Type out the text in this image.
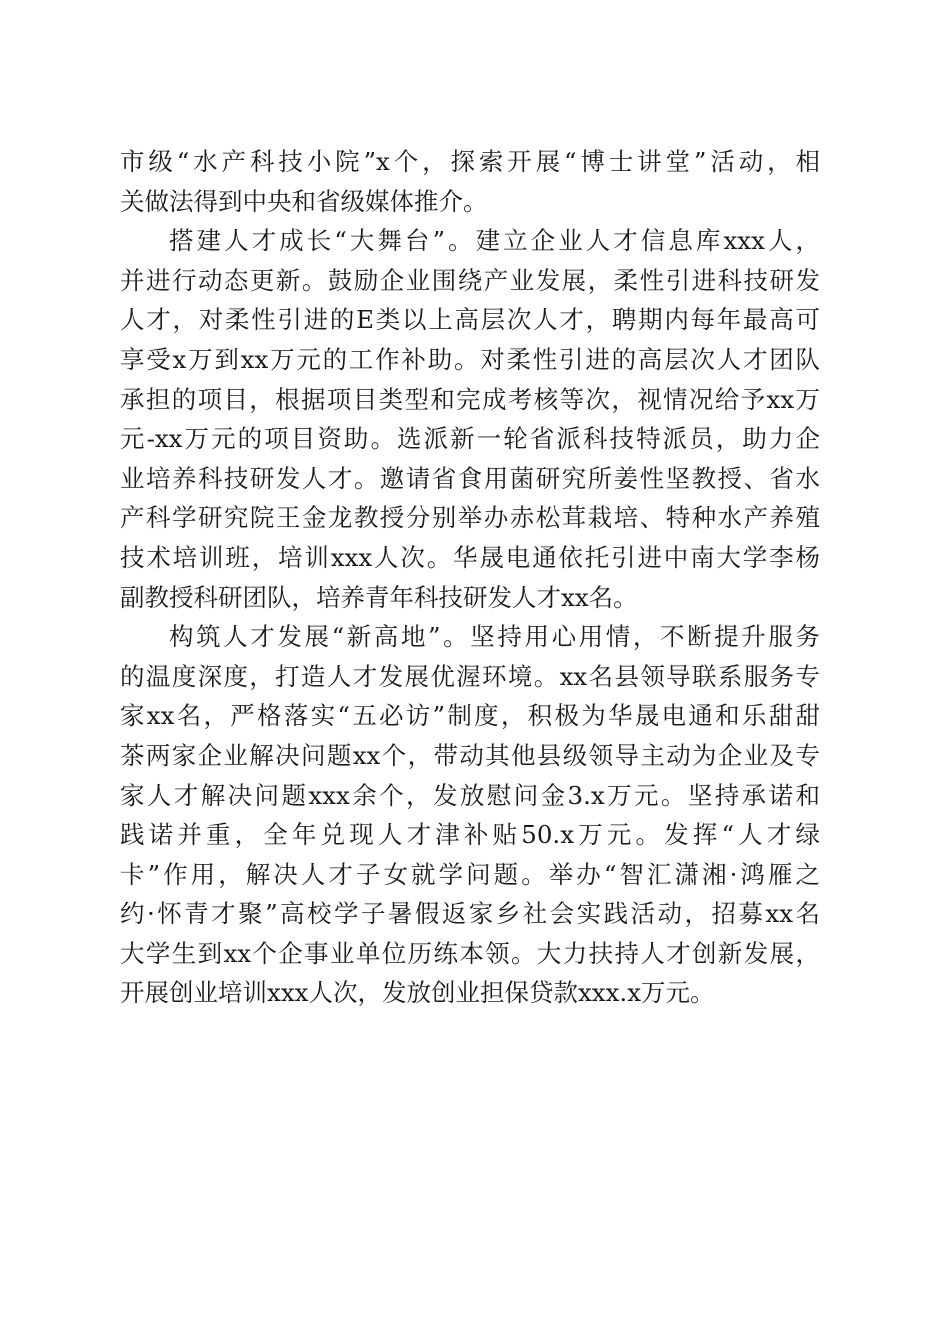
市级“水产科技小院”x个，探索开展“博士讲堂”活动，相
关做法得到中央和省级媒体推介。
搭建人才成长“大舞台”。建立企业人才信息库xxx人，
并进行动态更新。鼓励企业围绕产业发展，柔性引进科技研发
人才，对柔性引进的E类以上高层次人才，聘期内每年最高可
享受x万到xx万元的工作补助。对柔性引进的高层次人才团队
承担的项目，根据项目类型和完成考核等次，视情况给予xx万
元-xx万元的项目资助。选派新一轮省派科技特派员，助力企
业培养科技研发人才。邀请省食用菌研究所姜性坚教授、省水
产科学研究院王金龙教授分别举办赤松茸栽培、特种水产养殖
技术培训班，培训xxx人次。华晟电通依托引进中南大学李杨
副教授科研团队，培养青年科技研发人才xx名。
构筑人才发展“新高地”。坚持用心用情，不断提升服务
的温度深度，打造人才发展优渥环境。xx名县领导联系服务专
家xx名，严格落实“五必访”制度，积极为华晟电通和乐甜甜
茶两家企业解决问题xx个，带动其他县级领导主动为企业及专
家人才解决问题xxx余个，发放慰问金3.x万元。坚持承诺和
践诺并重，全年兑现人才津补贴50.x万元。发挥“人才绿
卡”作用，解决人才子女就学问题。举办“智汇潇湘·鸿雁之
约·怀青才聚”高校学子暑假返家乡社会实践活动，招募xx名
大学生到xx个企事业单位历练本领。大力扶持人才创新发展，
开展创业培训xxx人次，发放创业担保贷款xxx.x万元。
